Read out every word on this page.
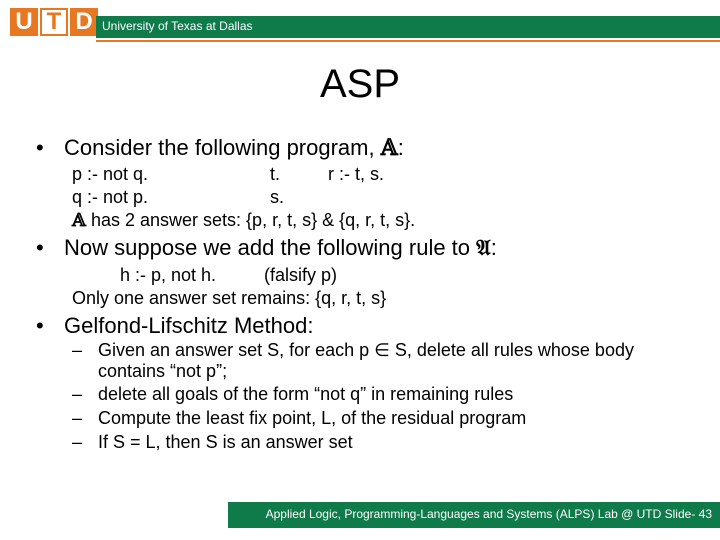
U T D University of Texas at Dallas
ASP
• Consider the following program, 𝔸:
p :- not q.	t.	r :- t, s.
q :- not p.	s.
𝔸 has 2 answer sets: {p, r, t, s} & {q, r, t, s}.
• Now suppose we add the following rule to 𝔄:
h :- p, not h.	(falsify p)
Only one answer set remains: {q, r, t, s}
• Gelfond-Lifschitz Method:
– Given an answer set S, for each p ∈ S, delete all rules whose body
contains “not p”;
– delete all goals of the form “not q” in remaining rules
– Compute the least fix point, L, of the residual program
– If S = L, then S is an answer set
Applied Logic, Programming-Languages and Systems (ALPS) Lab @ UTD Slide- 43
